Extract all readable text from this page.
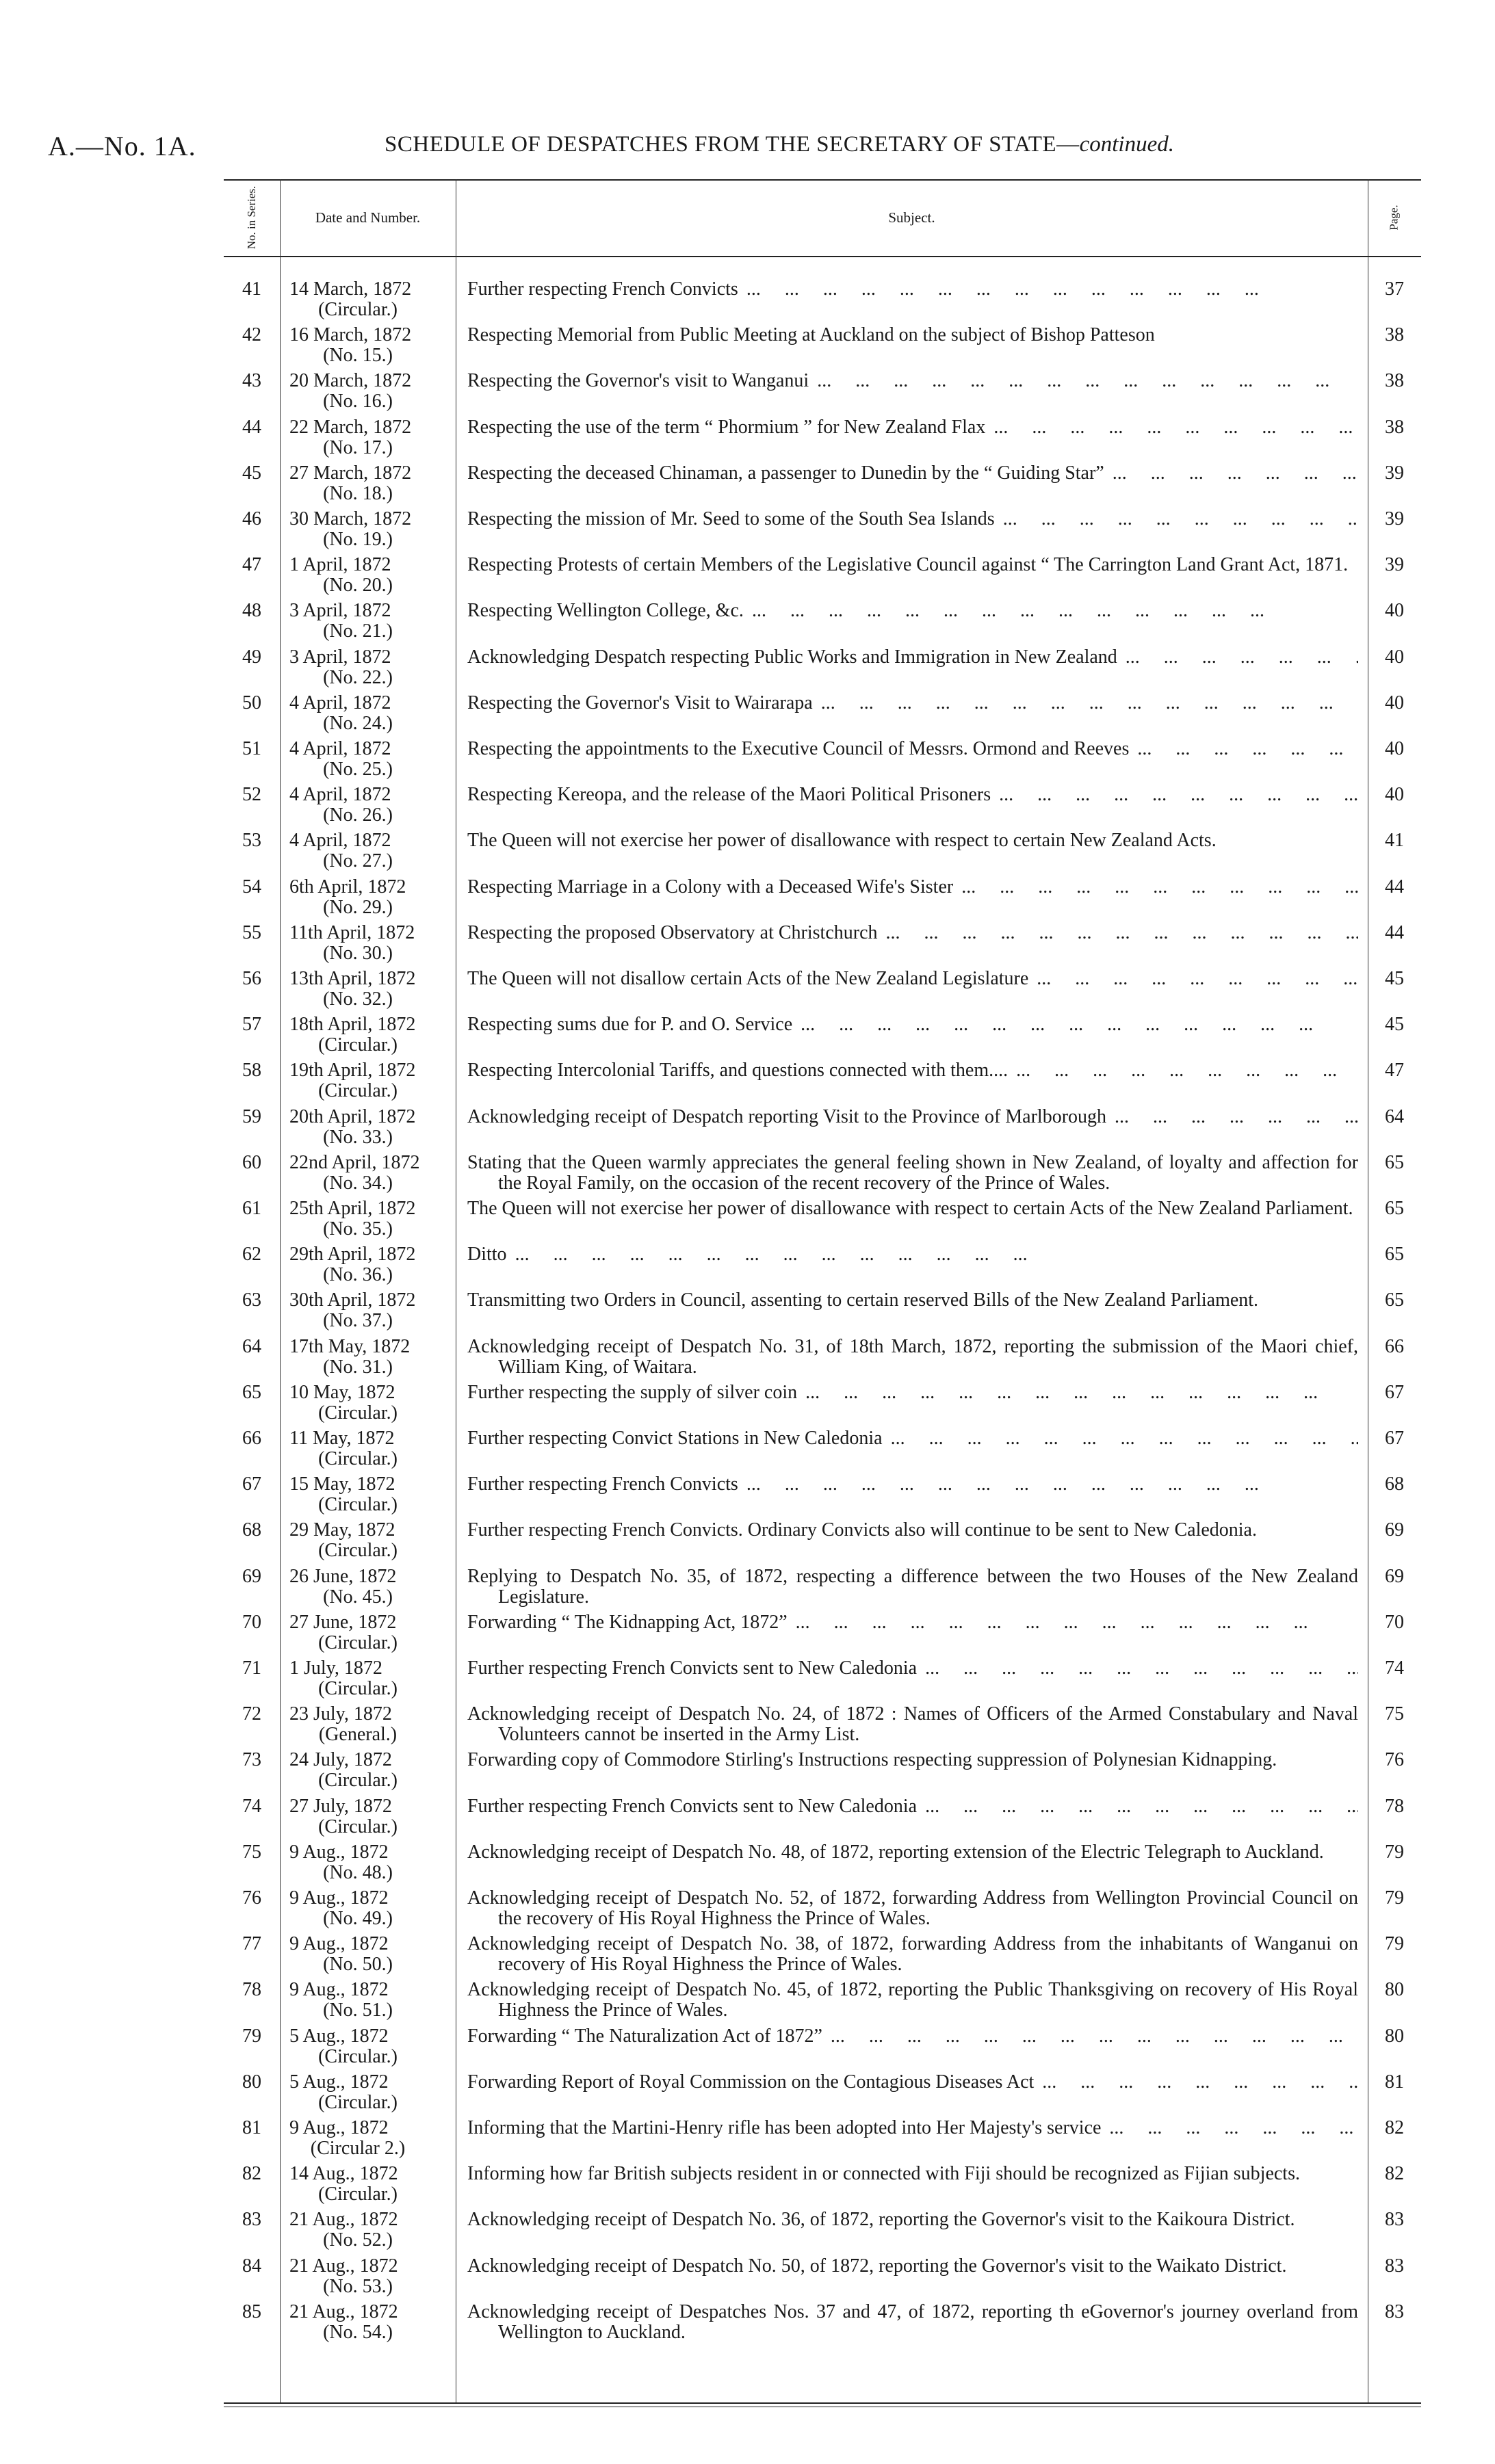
A.—No. 1A.	SCHEDULE OF DESPATCHES FROM THE SECRETARY OF STATE—continued.
No. in Series.	Date and Number.	Subject.	Page.
41	14 March, 1872
(Circular.)
Further respecting French Convicts ...	37
42	16 March, 1872
(No. 15.)
Respecting Memorial from Public Meeting at Auckland on the subject of Bishop Patteson	38
43	20 March, 1872
(No. 16.)
Respecting the Governor's visit to Wanganui ...	38
44	22 March, 1872
(No. 17.)
Respecting the use of the term “ Phormium ” for New Zealand Flax ...	38
45	27 March, 1872
(No. 18.)
Respecting the deceased Chinaman, a passenger to Dunedin by the “ Guiding Star” ...	39
46	30 March, 1872
(No. 19.)
Respecting the mission of Mr. Seed to some of the South Sea Islands ...	39
47	1 April, 1872
(No. 20.)
Respecting Protests of certain Members of the Legislative Council against “ The Carrington Land Grant Act, 1871.	39
48	3 April, 1872
(No. 21.)
Respecting Wellington College, &c. ...	40
49	3 April, 1872
(No. 22.)
Acknowledging Despatch respecting Public Works and Immigration in New Zealand ...	40
50	4 April, 1872
(No. 24.)
Respecting the Governor's Visit to Wairarapa ...	40
51	4 April, 1872
(No. 25.)
Respecting the appointments to the Executive Council of Messrs. Ormond and Reeves ...	40
52	4 April, 1872
(No. 26.)
Respecting Kereopa, and the release of the Maori Political Prisoners ...	40
53	4 April, 1872
(No. 27.)
The Queen will not exercise her power of disallowance with respect to certain New Zealand Acts.	41
54	6th April, 1872
(No. 29.)
Respecting Marriage in a Colony with a Deceased Wife's Sister ...	44
55	11th April, 1872
(No. 30.)
Respecting the proposed Observatory at Christchurch ...	44
56	13th April, 1872
(No. 32.)
The Queen will not disallow certain Acts of the New Zealand Legislature ...	45
57	18th April, 1872
(Circular.)
Respecting sums due for P. and O. Service ...	45
58	19th April, 1872
(Circular.)
Respecting Intercolonial Tariffs, and questions connected with them.... ...	47
59	20th April, 1872
(No. 33.)
Acknowledging receipt of Despatch reporting Visit to the Province of Marlborough ...	64
60	22nd April, 1872
(No. 34.)
Stating that the Queen warmly appreciates the general feeling shown in New Zealand, of loyalty and affection for the Royal Family, on the occasion of the recent recovery of the Prince of Wales.
65
61	25th April, 1872
(No. 35.)
The Queen will not exercise her power of disallowance with respect to certain Acts of the New Zealand Parliament.	65
62	29th April, 1872
(No. 36.)
Ditto ...	65
63	30th April, 1872
(No. 37.)
Transmitting two Orders in Council, assenting to certain reserved Bills of the New Zealand Parliament.	65
64	17th May, 1872
(No. 31.)
Acknowledging receipt of Despatch No. 31, of 18th March, 1872, reporting the submission of the Maori chief, William King, of Waitara.
66
65	10 May, 1872
(Circular.)
Further respecting the supply of silver coin ...	67
66	11 May, 1872
(Circular.)
Further respecting Convict Stations in New Caledonia ...	67
67	15 May, 1872
(Circular.)
Further respecting French Convicts ...	68
68	29 May, 1872
(Circular.)
Further respecting French Convicts. Ordinary Convicts also will continue to be sent to New Caledonia.	69
69	26 June, 1872
(No. 45.)
Replying to Despatch No. 35, of 1872, respecting a difference between the two Houses of the New Zealand Legislature.
69
70	27 June, 1872
(Circular.)
Forwarding “ The Kidnapping Act, 1872” ...	70
71	1 July, 1872
(Circular.)
Further respecting French Convicts sent to New Caledonia ...	74
72	23 July, 1872
(General.)
Acknowledging receipt of Despatch No. 24, of 1872 : Names of Officers of the Armed Constabulary and Naval Volunteers cannot be inserted in the Army List.
75
73	24 July, 1872
(Circular.)
Forwarding copy of Commodore Stirling's Instructions respecting suppression of Polynesian Kidnapping.	76
74	27 July, 1872
(Circular.)
Further respecting French Convicts sent to New Caledonia ...	78
75	9 Aug., 1872
(No. 48.)
Acknowledging receipt of Despatch No. 48, of 1872, reporting extension of the Electric Telegraph to Auckland.	79
76	9 Aug., 1872
(No. 49.)
Acknowledging receipt of Despatch No. 52, of 1872, forwarding Address from Wellington Provincial Council on the recovery of His Royal Highness the Prince of Wales.
79
77	9 Aug., 1872
(No. 50.)
Acknowledging receipt of Despatch No. 38, of 1872, forwarding Address from the inhabitants of Wanganui on recovery of His Royal Highness the Prince of Wales.
79
78	9 Aug., 1872
(No. 51.)
Acknowledging receipt of Despatch No. 45, of 1872, reporting the Public Thanksgiving on recovery of His Royal Highness the Prince of Wales.
80
79	5 Aug., 1872
(Circular.)
Forwarding “ The Naturalization Act of 1872” ...	80
80	5 Aug., 1872
(Circular.)
Forwarding Report of Royal Commission on the Contagious Diseases Act ...	81
81	9 Aug., 1872
(Circular 2.)
Informing that the Martini-Henry rifle has been adopted into Her Majesty's service ...	82
82	14 Aug., 1872
(Circular.)
Informing how far British subjects resident in or connected with Fiji should be recognized as Fijian subjects.	82
83	21 Aug., 1872
(No. 52.)
Acknowledging receipt of Despatch No. 36, of 1872, reporting the Governor's visit to the Kaikoura District.	83
84	21 Aug., 1872
(No. 53.)
Acknowledging receipt of Despatch No. 50, of 1872, reporting the Governor's visit to the Waikato District.	83
85	21 Aug., 1872
(No. 54.)
Acknowledging receipt of Despatches Nos. 37 and 47, of 1872, reporting th eGovernor's journey overland from Wellington to Auckland.
83
